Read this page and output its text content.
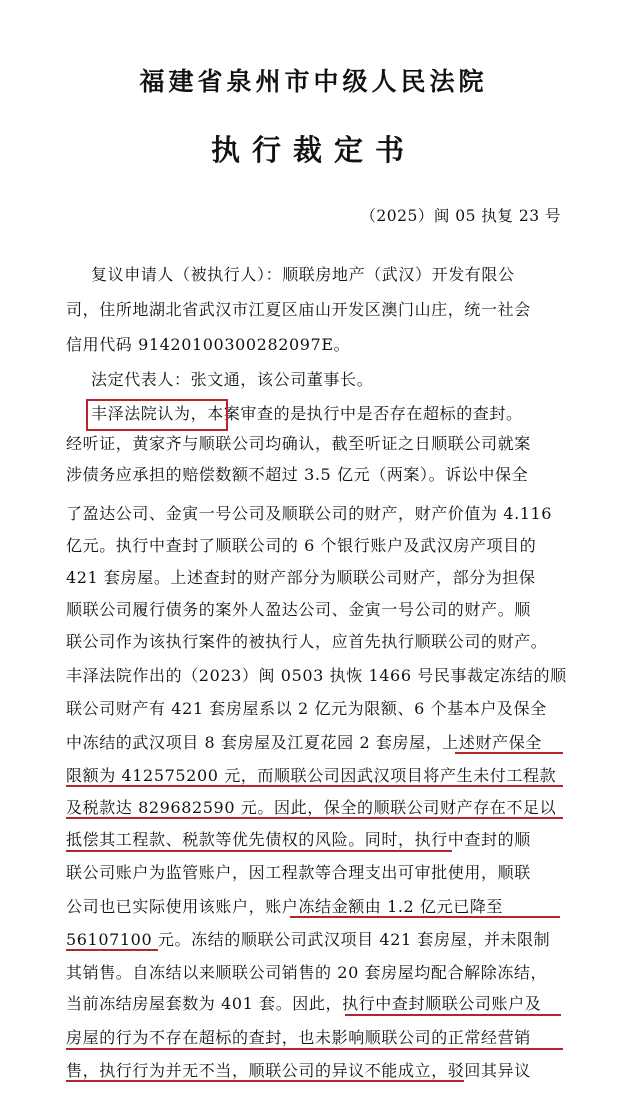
福建省泉州市中级人民法院
执行裁定书
（2025）闽 05 执复 23 号
复议申请人（被执行人）：顺联房地产（武汉）开发有限公
司，住所地湖北省武汉市江夏区庙山开发区澳门山庄，统一社会
信用代码 91420100300282097E。
法定代表人：张文通，该公司董事长。
丰泽法院认为，本案审查的是执行中是否存在超标的查封。
经听证，黄家齐与顺联公司均确认，截至听证之日顺联公司就案
涉债务应承担的赔偿数额不超过 3.5 亿元（两案）。诉讼中保全
了盈达公司、金寅一号公司及顺联公司的财产，财产价值为 4.116
亿元。执行中查封了顺联公司的 6 个银行账户及武汉房产项目的
421 套房屋。上述查封的财产部分为顺联公司财产，部分为担保
顺联公司履行债务的案外人盈达公司、金寅一号公司的财产。顺
联公司作为该执行案件的被执行人，应首先执行顺联公司的财产。
丰泽法院作出的（2023）闽 0503 执恢 1466 号民事裁定冻结的顺
联公司财产有 421 套房屋系以 2 亿元为限额、6 个基本户及保全
中冻结的武汉项目 8 套房屋及江夏花园 2 套房屋，上述财产保全
限额为 412575200 元，而顺联公司因武汉项目将产生未付工程款
及税款达 829682590 元。因此，保全的顺联公司财产存在不足以
抵偿其工程款、税款等优先债权的风险。同时，执行中查封的顺
联公司账户为监管账户，因工程款等合理支出可审批使用，顺联
公司也已实际使用该账户，账户冻结金额由 1.2 亿元已降至
56107100 元。冻结的顺联公司武汉项目 421 套房屋，并未限制
其销售。自冻结以来顺联公司销售的 20 套房屋均配合解除冻结，
当前冻结房屋套数为 401 套。因此，执行中查封顺联公司账户及
房屋的行为不存在超标的查封，也未影响顺联公司的正常经营销
售，执行行为并无不当，顺联公司的异议不能成立，驳回其异议
